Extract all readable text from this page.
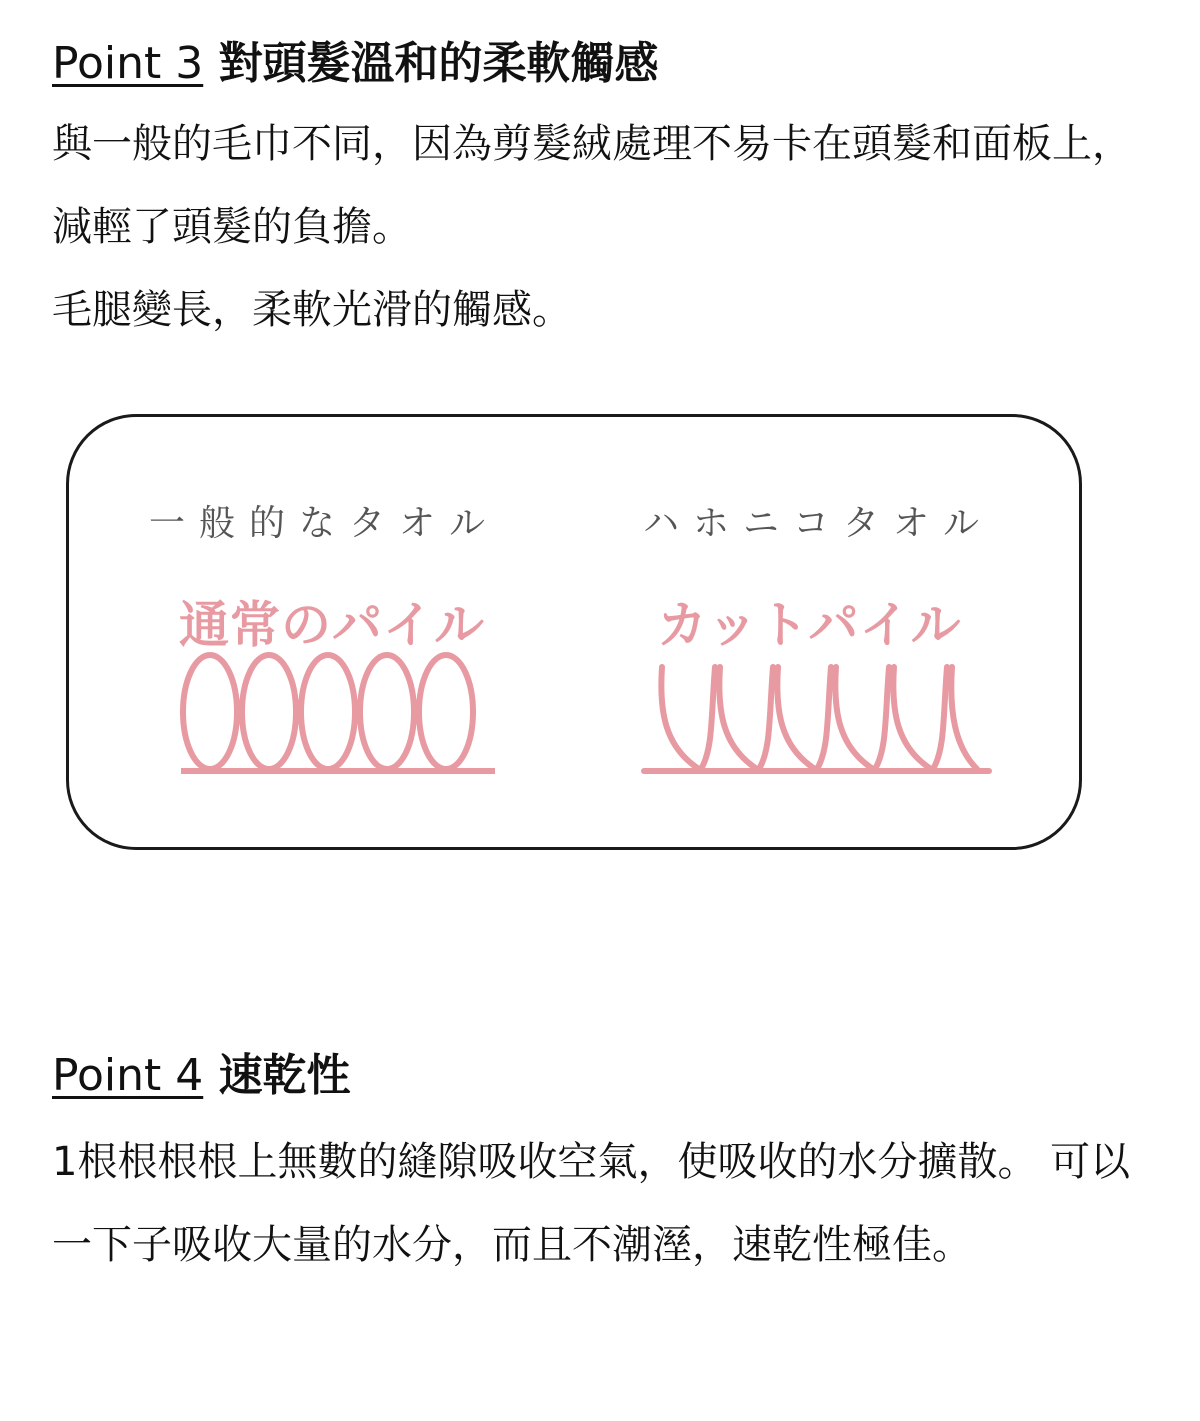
Point 3 對頭髮溫和的柔軟觸感

與一般的毛巾不同，因為剪髮絨處理不易卡在頭髮和面板上，減輕了頭髮的負擔。

毛腿變長，柔軟光滑的觸感。

一般的なタオル
通常のパイル
ハホニコタオル
カットパイル
Point 4 速乾性

1根根根根上無數的縫隙吸收空氣，使吸收的水分擴散。 可以一下子吸收大量的水分，而且不潮溼，速乾性極佳。
